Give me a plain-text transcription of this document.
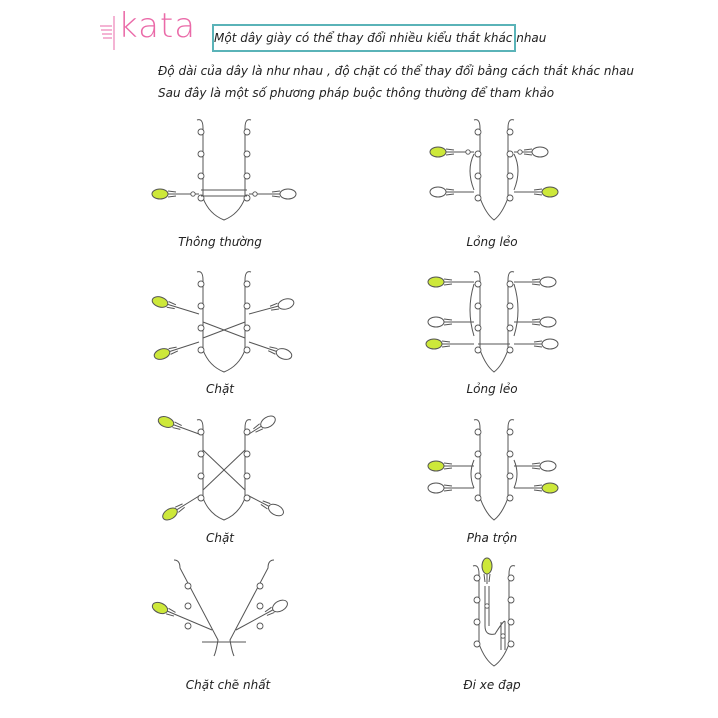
kata Một dây giày có thể thay đổi nhiều kiểu thắt khác nhau
Độ dài của dây là như nhau , độ chặt có thể thay đổi bằng cách thắt khác nhau
Sau đây là một số phương pháp buộc thông thường để tham khảo
Thông thường	Lỏng lẻo
Chặt	Lỏng lẻo
Chặt	Pha trộn
Chặt chẽ nhất	Đi xe đạp
